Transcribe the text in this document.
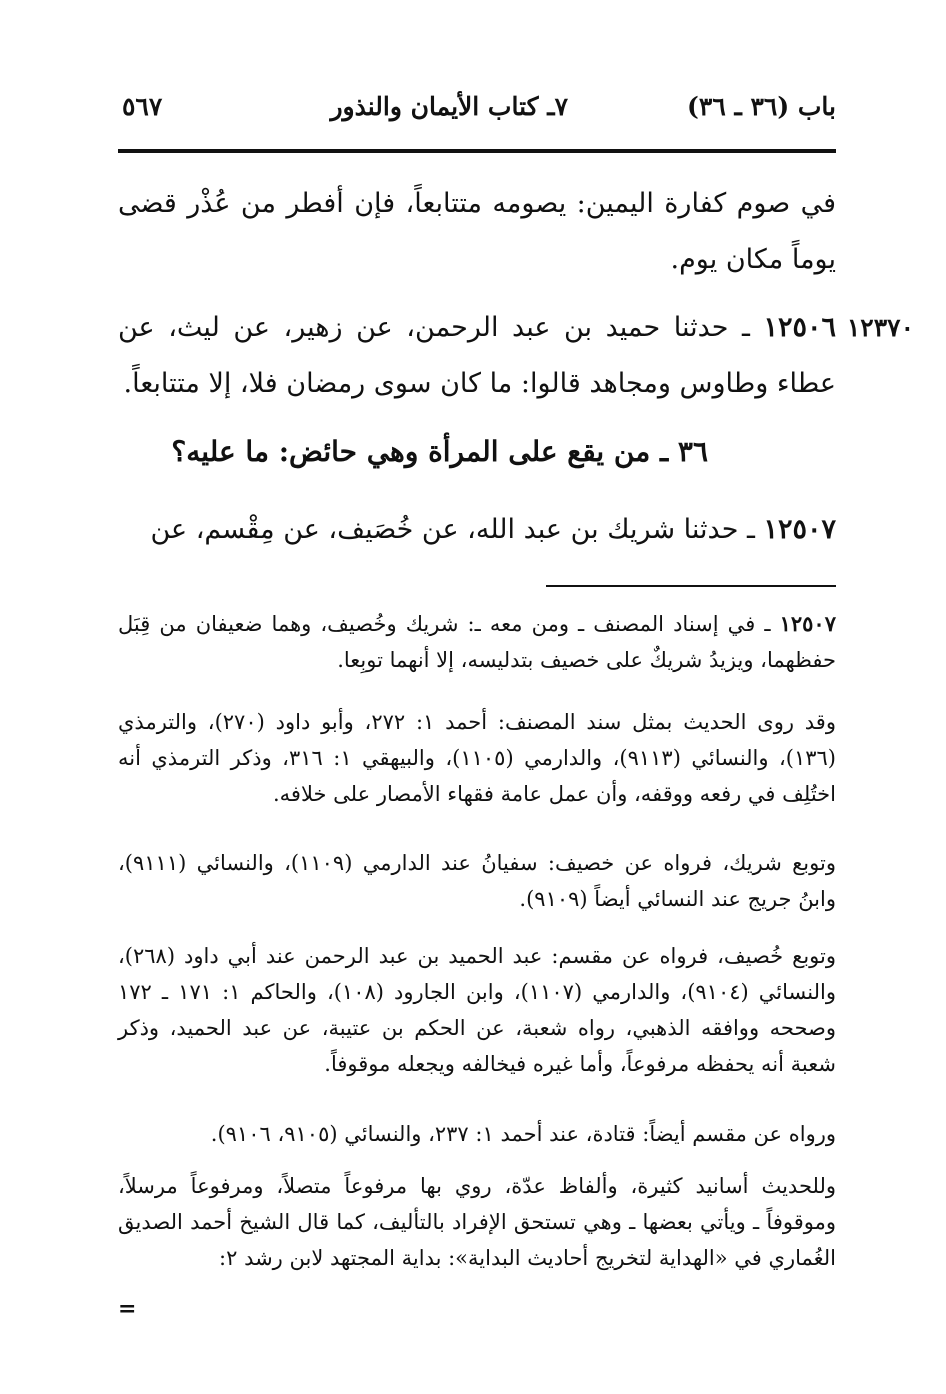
باب (٣٦ ـ ٣٦)
٧ـ كتاب الأيمان والنذور
٥٦٧
في صوم كفارة اليمين: يصومه متتابعاً، فإن أفطر من عُذْر قضى يوماً مكان يوم.
١٢٣٧٠
١٢٥٠٦ ـ حدثنا حميد بن عبد الرحمن، عن زهير، عن ليث، عن عطاء وطاوس ومجاهد قالوا: ما كان سوى رمضان فلا، إلا متتابعاً.
٣٦ ـ من يقع على المرأة وهي حائض: ما عليه؟
١٢٥٠٧ ـ حدثنا شريك بن عبد الله، عن خُصَيف، عن مِقْسم، عن
١٢٥٠٧ ـ في إسناد المصنف ـ ومن معه ـ: شريك وخُصيف، وهما ضعيفان من قِبَل حفظهما، ويزيدُ شريكٌ على خصيف بتدليسه، إلا أنهما توبِعا.
وقد روى الحديث بمثل سند المصنف: أحمد ١: ٢٧٢، وأبو داود (٢٧٠)، والترمذي (١٣٦)، والنسائي (٩١١٣)، والدارمي (١١٠٥)، والبيهقي ١: ٣١٦، وذكر الترمذي أنه اختُلِف في رفعه ووقفه، وأن عمل عامة فقهاء الأمصار على خلافه.
وتوبع شريك، فرواه عن خصيف: سفيانُ عند الدارمي (١١٠٩)، والنسائي (٩١١١)، وابنُ جريج عند النسائي أيضاً (٩١٠٩).
وتوبع خُصيف، فرواه عن مقسم: عبد الحميد بن عبد الرحمن عند أبي داود (٢٦٨)، والنسائي (٩١٠٤)، والدارمي (١١٠٧)، وابن الجارود (١٠٨)، والحاكم ١: ١٧١ ـ ١٧٢ وصححه ووافقه الذهبي، رواه شعبة، عن الحكم بن عتيبة، عن عبد الحميد، وذكر شعبة أنه يحفظه مرفوعاً، وأما غيره فيخالفه ويجعله موقوفاً.
ورواه عن مقسم أيضاً: قتادة، عند أحمد ١: ٢٣٧، والنسائي (٩١٠٥، ٩١٠٦).
وللحديث أسانيد كثيرة، وألفاظ عدّة، روي بها مرفوعاً متصلاً، ومرفوعاً مرسلاً، وموقوفاً ـ ويأتي بعضها ـ وهي تستحق الإفراد بالتأليف، كما قال الشيخ أحمد الصديق الغُماري في «الهداية لتخريج أحاديث البداية»: بداية المجتهد لابن رشد ٢:
=
